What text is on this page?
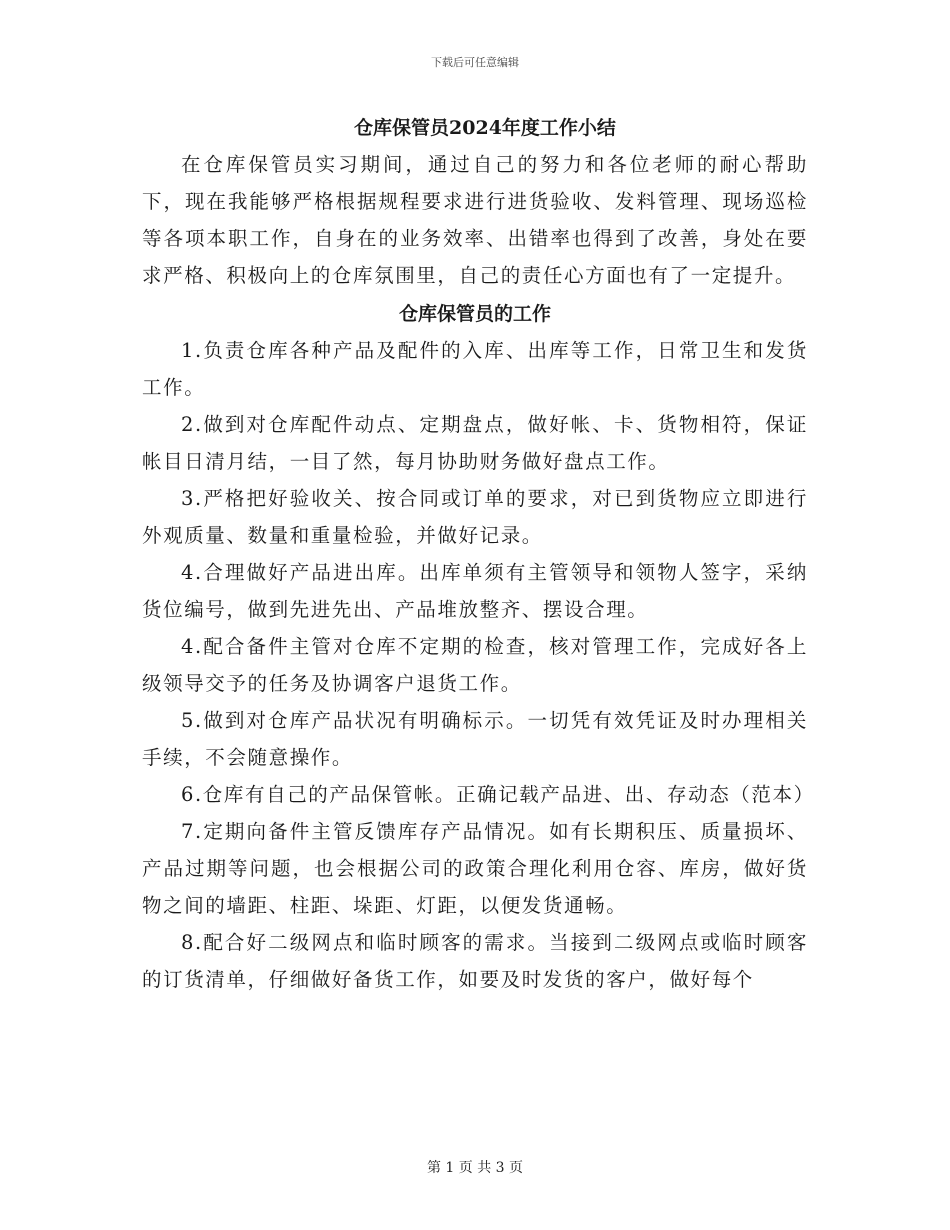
下载后可任意编辑
仓库保管员2024年度工作小结

在仓库保管员实习期间，通过自己的努力和各位老师的耐心帮助下，现在我能够严格根据规程要求进行进货验收、发料管理、现场巡检等各项本职工作，自身在的业务效率、出错率也得到了改善，身处在要求严格、积极向上的仓库氛围里，自己的责任心方面也有了一定提升。

仓库保管员的工作

1.负责仓库各种产品及配件的入库、出库等工作，日常卫生和发货工作。

2.做到对仓库配件动点、定期盘点，做好帐、卡、货物相符，保证帐目日清月结，一目了然，每月协助财务做好盘点工作。

3.严格把好验收关、按合同或订单的要求，对已到货物应立即进行外观质量、数量和重量检验，并做好记录。

4.合理做好产品进出库。出库单须有主管领导和领物人签字，采纳货位编号，做到先进先出、产品堆放整齐、摆设合理。

4.配合备件主管对仓库不定期的检查，核对管理工作，完成好各上级领导交予的任务及协调客户退货工作。

5.做到对仓库产品状况有明确标示。一切凭有效凭证及时办理相关手续，不会随意操作。

6.仓库有自己的产品保管帐。正确记载产品进、出、存动态（范本）

7.定期向备件主管反馈库存产品情况。如有长期积压、质量损坏、产品过期等问题，也会根据公司的政策合理化利用仓容、库房，做好货物之间的墙距、柱距、垛距、灯距，以便发货通畅。

8.配合好二级网点和临时顾客的需求。当接到二级网点或临时顾客的订货清单，仔细做好备货工作，如要及时发货的客户，做好每个

第 1 页 共 3 页
